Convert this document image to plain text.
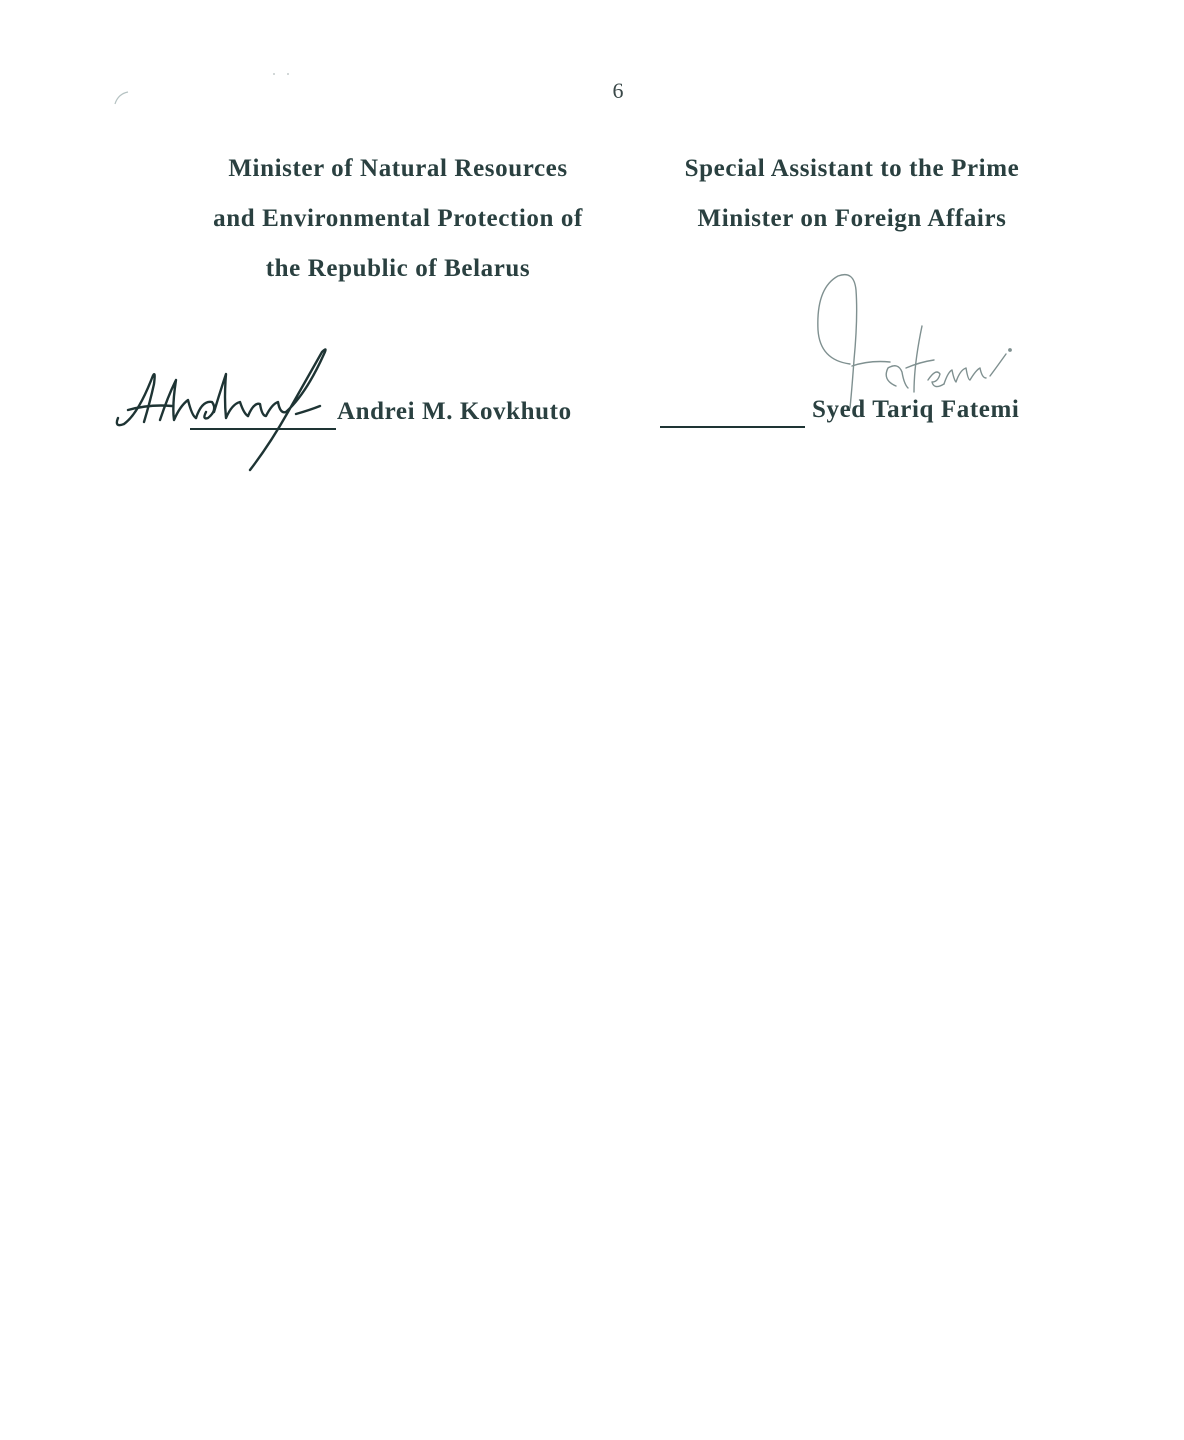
6
Minister of Natural Resources
and Environmental Protection of
the Republic of Belarus
Andrei M. Kovkhuto
Special Assistant to the Prime
Minister on Foreign Affairs
Syed Tariq Fatemi
